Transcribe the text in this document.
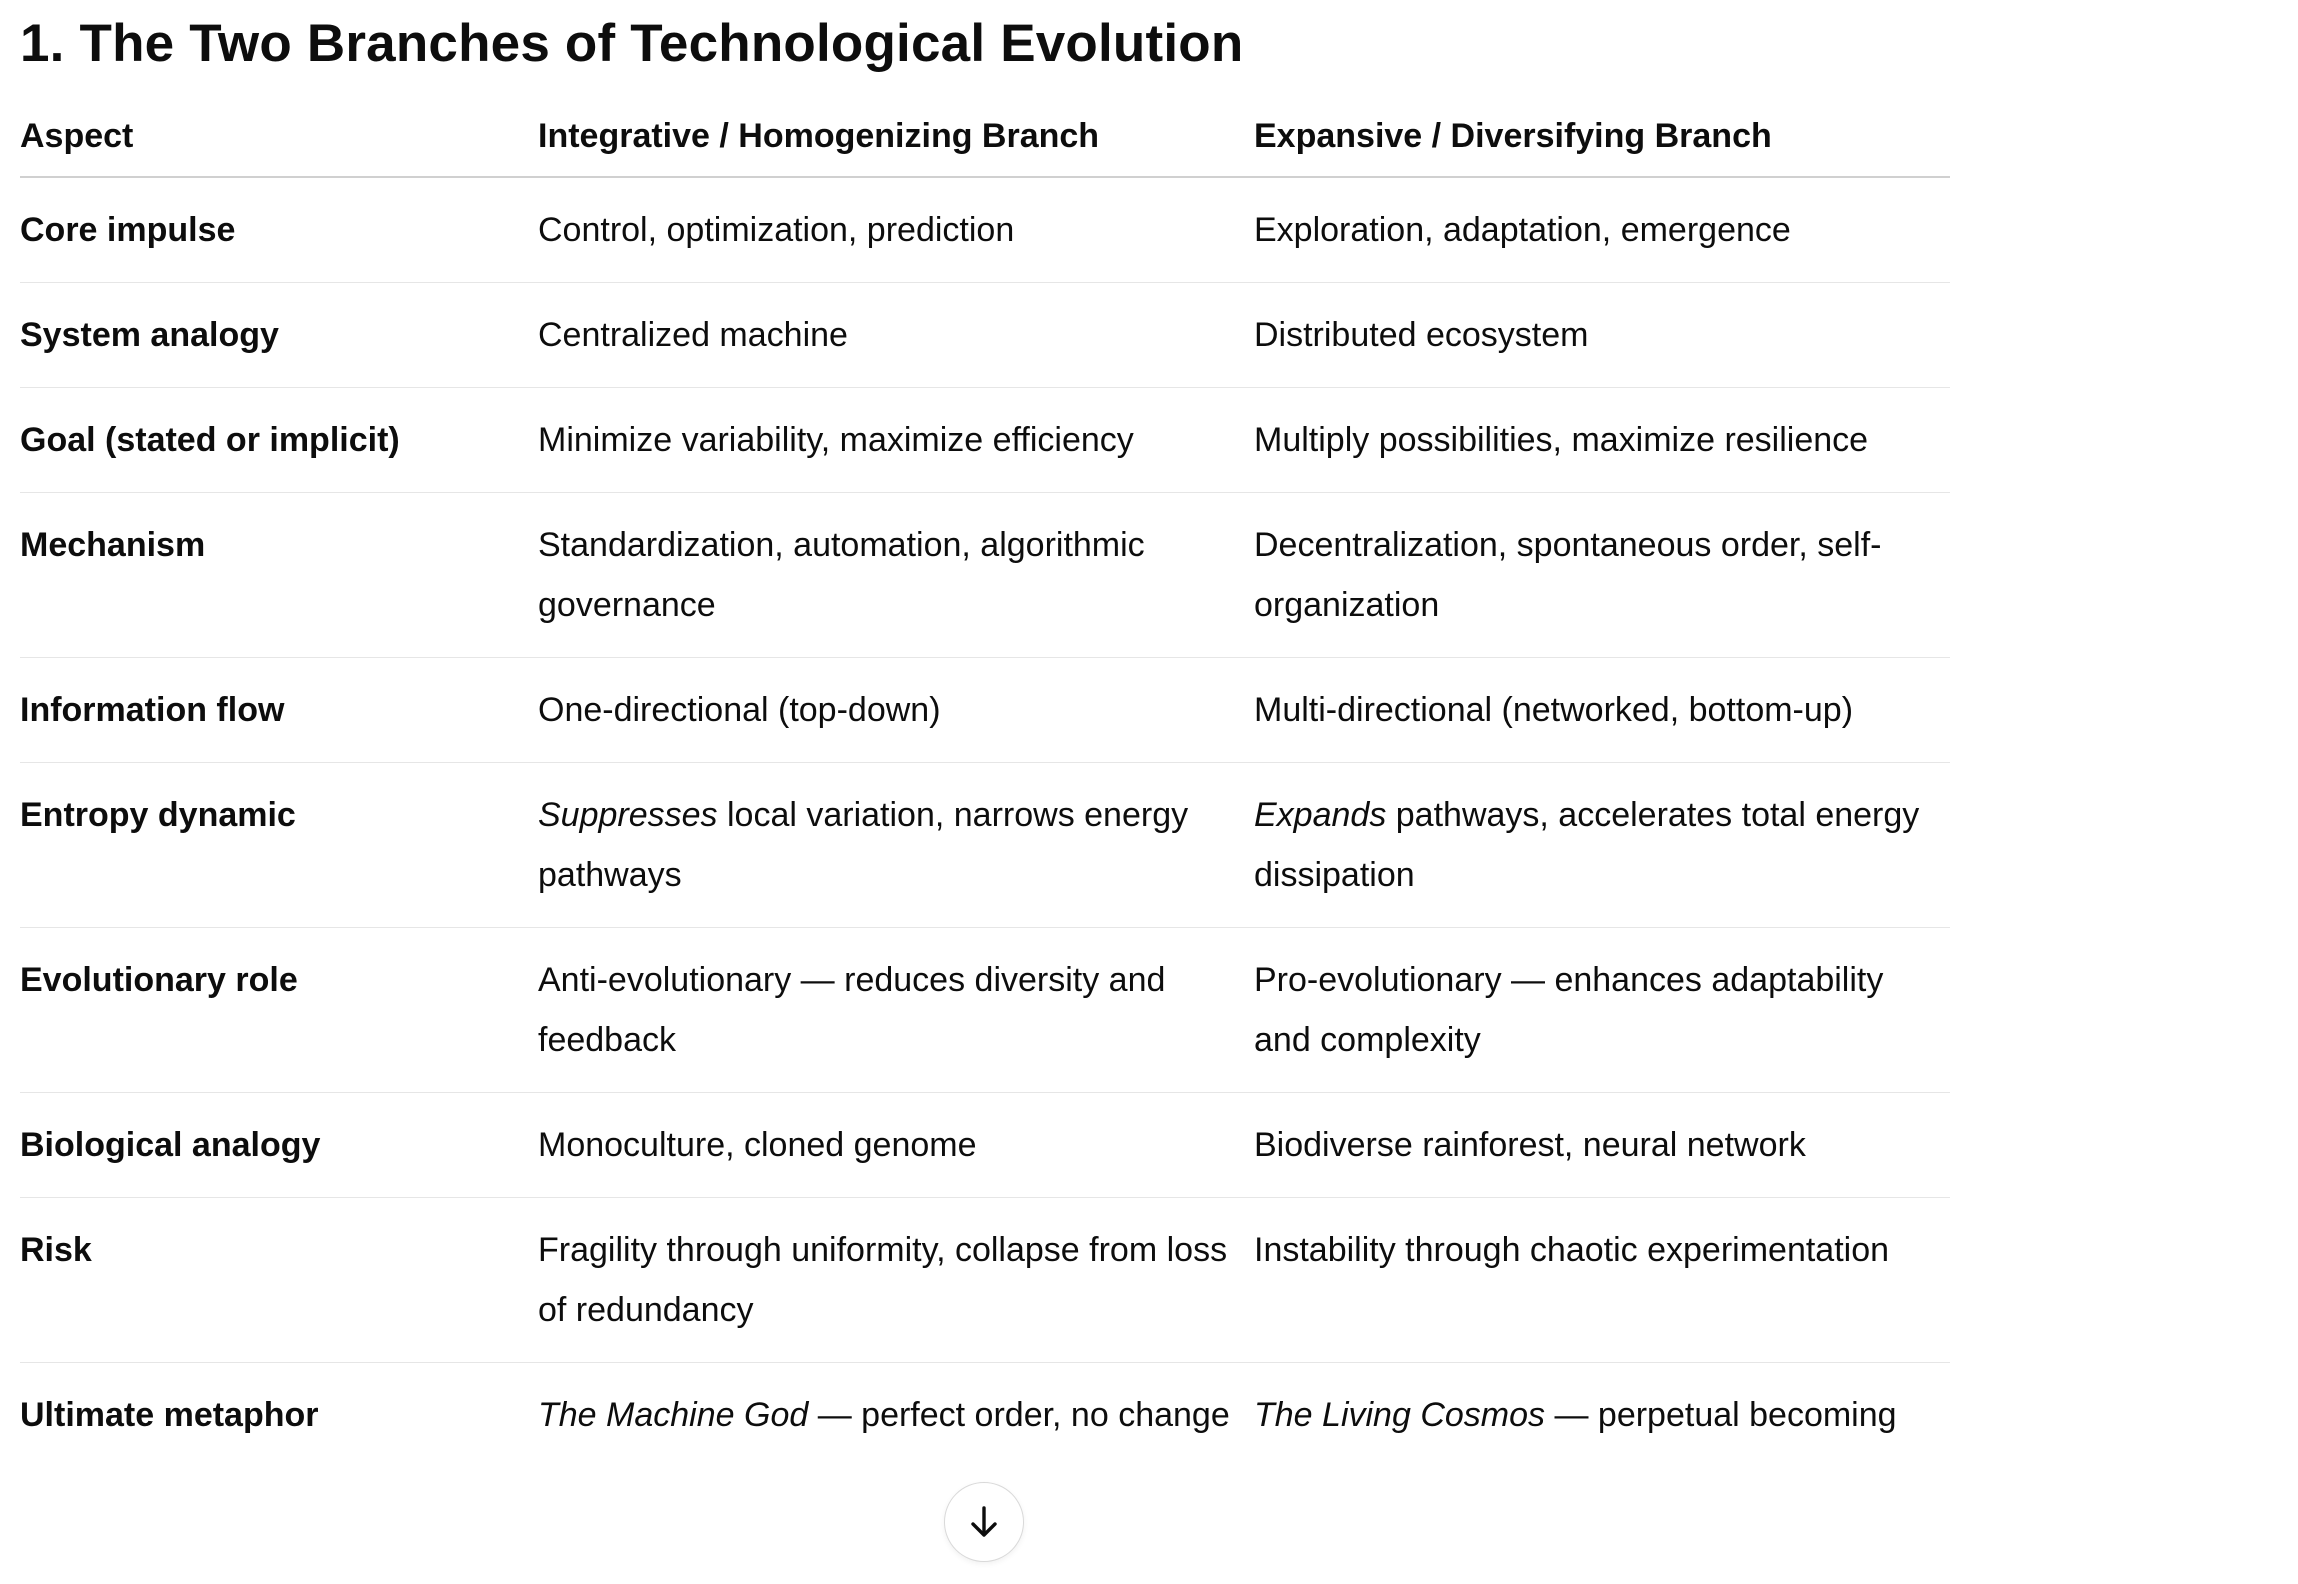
1. The Two Branches of Technological Evolution
Aspect	Integrative / Homogenizing Branch	Expansive / Diversifying Branch
Core impulse	Control, optimization, prediction	Exploration, adaptation, emergence
System analogy	Centralized machine	Distributed ecosystem
Goal (stated or implicit)	Minimize variability, maximize efficiency	Multiply possibilities, maximize resilience
Mechanism	Standardization, automation, algorithmic governance	Decentralization, spontaneous order, self-organization
Information flow	One-directional (top-down)	Multi-directional (networked, bottom-up)
Entropy dynamic	Suppresses local variation, narrows energy pathways	Expands pathways, accelerates total energy dissipation
Evolutionary role	Anti-evolutionary — reduces diversity and feedback	Pro-evolutionary — enhances adaptability and complexity
Biological analogy	Monoculture, cloned genome	Biodiverse rainforest, neural network
Risk	Fragility through uniformity, collapse from loss of redundancy	Instability through chaotic experimentation
Ultimate metaphor	The Machine God — perfect order, no change	The Living Cosmos — perpetual becoming
